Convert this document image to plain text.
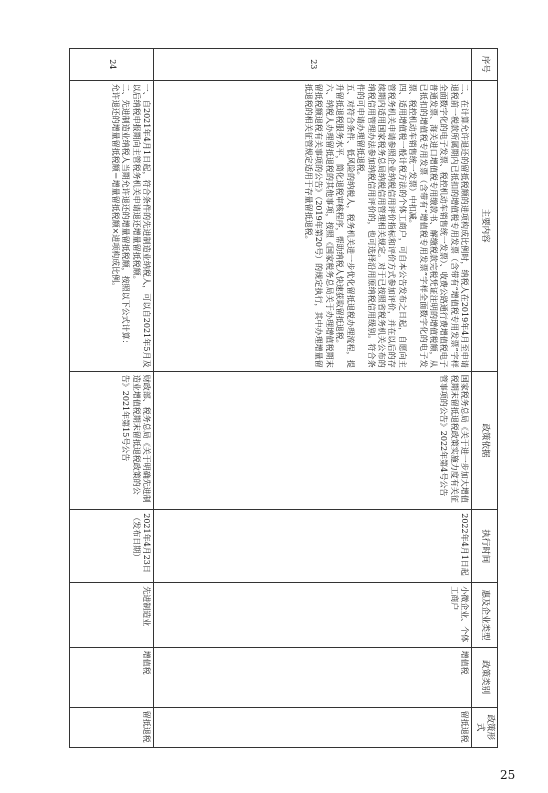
序号	主要内容	政策依据	执行时间	惠及企业类型	政策类别	政策形式
23	二、在计算允许退还的留抵税额的进项构成比例时，纳税人在2019年4月至申请退税前一税款所属期内已抵扣的增值税专用发票（含带有“增值税专用发票”字样全面数字化的电子发票、税控机动车销售统一发票）、收费公路通行费增值税电子普通发票、海关进口增值税专用缴款书、解缴税款完税凭证注明的增值税额，从已抵扣的增值税专用发票（含带有“增值税专用发票”字样全面数字化的电子发票、税控机动车销售统一发票）中扣减。

四、适用增值税一般计税方法的个体工商户，可自本公告发布之日起，自愿向主管税务机关申请参照企业纳税信用评价指标和评价方式参加评价，并在以后的存续期内适用国家税务总局纳税信用管理相关规定。对于已按照省税务机关公布的纳税信用管理办法参加纳税信用评价的，也可选择沿用原纳税信用级别。符合条件的可申请办理留抵退税。

五、对符合条件、低风险的纳税人，税务机关进一步优化留抵退税办理流程，提升留抵退税服务水平，简化退税审核程序，帮助纳税人快速获取留抵退税。

六、纳税人办理留抵退税的其他事项，按照《国家税务总局关于办理增值税期末留抵税额退税有关事项的公告》（2019年第20号）的规定执行，其中办理增量留抵退税的相关征管规定适用于存量留抵退税。	国家税务总局《关于进一步加大增值税期末留抵退税政策实施力度有关征管事项的公告》2022年第4号公告	2022年4月1日起	小微企业、个体工商户	增值税	留抵退税
24	一、自2021年4月1日起，符合条件的先进制造业纳税人，可以自2021年5月及以后纳税申报期向主管税务机关申请退还增量留抵税额。

二、先进制造业纳税人当期允许退还的增量留抵税额，按照以下公式计算：

允许退还的增量留抵税额＝增量留抵税额×进项构成比例。	财政部、税务总局《关于明确先进制造业增值税期末留抵退税政策的公告》2021年第15号公告	2021年4月23日（发布日期）	先进制造业	增值税	留抵退税
25
